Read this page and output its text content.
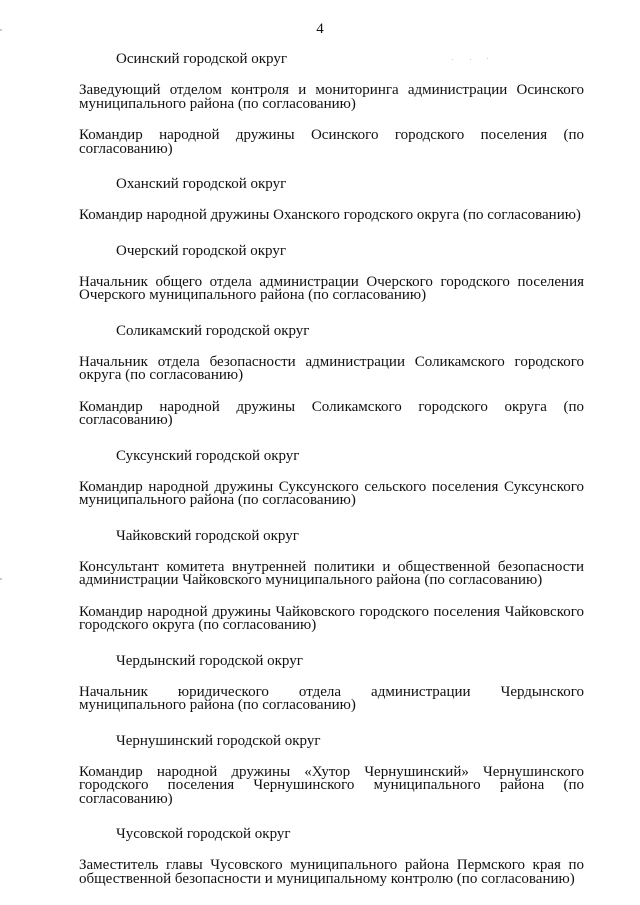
4
Осинский городской округ
Заведующий отделом контроля и мониторинга администрации Осинского муниципального района (по согласованию)
Командир народной дружины Осинского городского поселения (по согласованию)
Оханский городской округ
Командир народной дружины Оханского городского округа (по согласованию)
Очерский городской округ
Начальник общего отдела администрации Очерского городского поселения Очерского муниципального района (по согласованию)
Соликамский городской округ
Начальник отдела безопасности администрации Соликамского городского округа (по согласованию)
Командир народной дружины Соликамского городского округа (по согласованию)
Суксунский городской округ
Командир народной дружины Суксунского сельского поселения Суксунского муниципального района (по согласованию)
Чайковский городской округ
Консультант комитета внутренней политики и общественной безопасности администрации Чайковского муниципального района (по согласованию)
Командир народной дружины Чайковского городского поселения Чайковского городского округа (по согласованию)
Чердынский городской округ
Начальник юридического отдела администрации Чердынского муниципального района (по согласованию)
Чернушинский городской округ
Командир народной дружины «Хутор Чернушинский» Чернушинского городского поселения Чернушинского муниципального района (по согласованию)
Чусовской городской округ
Заместитель главы Чусовского муниципального района Пермского края по общественной безопасности и муниципальному контролю (по согласованию)
